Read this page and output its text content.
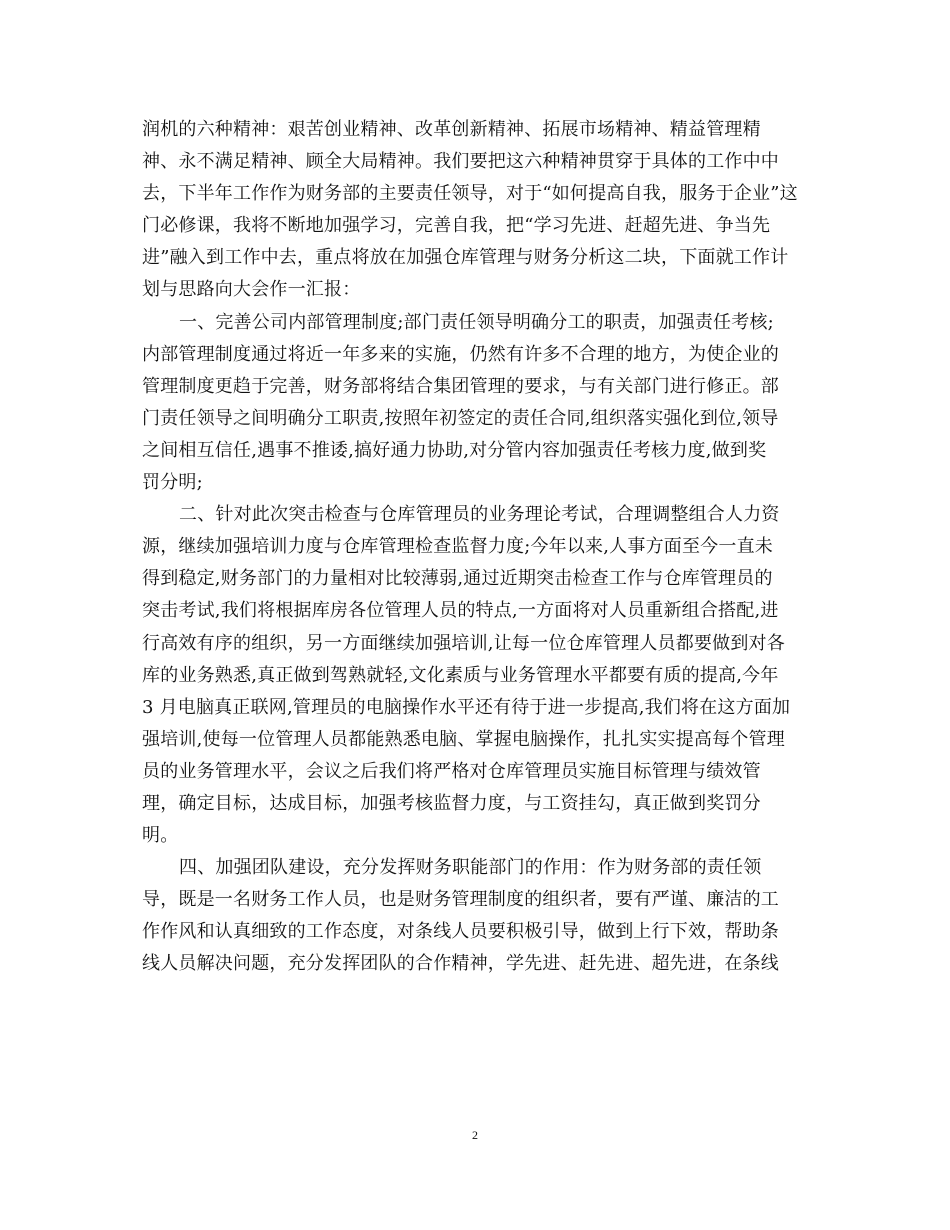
润机的六种精神：艰苦创业精神、改革创新精神、拓展市场精神、精益管理精
神、永不满足精神、顾全大局精神。我们要把这六种精神贯穿于具体的工作中中
去，下半年工作作为财务部的主要责任领导，对于“如何提高自我，服务于企业”这
门必修课，我将不断地加强学习，完善自我，把“学习先进、赶超先进、争当先
进”融入到工作中去，重点将放在加强仓库管理与财务分析这二块，下面就工作计
划与思路向大会作一汇报：

一、完善公司内部管理制度;部门责任领导明确分工的职责，加强责任考核;
内部管理制度通过将近一年多来的实施，仍然有许多不合理的地方，为使企业的
管理制度更趋于完善，财务部将结合集团管理的要求，与有关部门进行修正。部
门责任领导之间明确分工职责,按照年初签定的责任合同,组织落实强化到位,领导
之间相互信任,遇事不推诿,搞好通力协助,对分管内容加强责任考核力度,做到奖
罚分明;

二、针对此次突击检查与仓库管理员的业务理论考试，合理调整组合人力资
源，继续加强培训力度与仓库管理检查监督力度;今年以来,人事方面至今一直未
得到稳定,财务部门的力量相对比较薄弱,通过近期突击检查工作与仓库管理员的
突击考试,我们将根据库房各位管理人员的特点,一方面将对人员重新组合搭配,进
行高效有序的组织，另一方面继续加强培训,让每一位仓库管理人员都要做到对各
库的业务熟悉,真正做到驾熟就轻,文化素质与业务管理水平都要有质的提高,今年
3 月电脑真正联网,管理员的电脑操作水平还有待于进一步提高,我们将在这方面加
强培训,使每一位管理人员都能熟悉电脑、掌握电脑操作，扎扎实实提高每个管理
员的业务管理水平，会议之后我们将严格对仓库管理员实施目标管理与绩效管
理，确定目标，达成目标，加强考核监督力度，与工资挂勾，真正做到奖罚分
明。

四、加强团队建设，充分发挥财务职能部门的作用：作为财务部的责任领
导，既是一名财务工作人员，也是财务管理制度的组织者，要有严谨、廉洁的工
作作风和认真细致的工作态度，对条线人员要积极引导，做到上行下效，帮助条
线人员解决问题，充分发挥团队的合作精神，学先进、赶先进、超先进，在条线

2
